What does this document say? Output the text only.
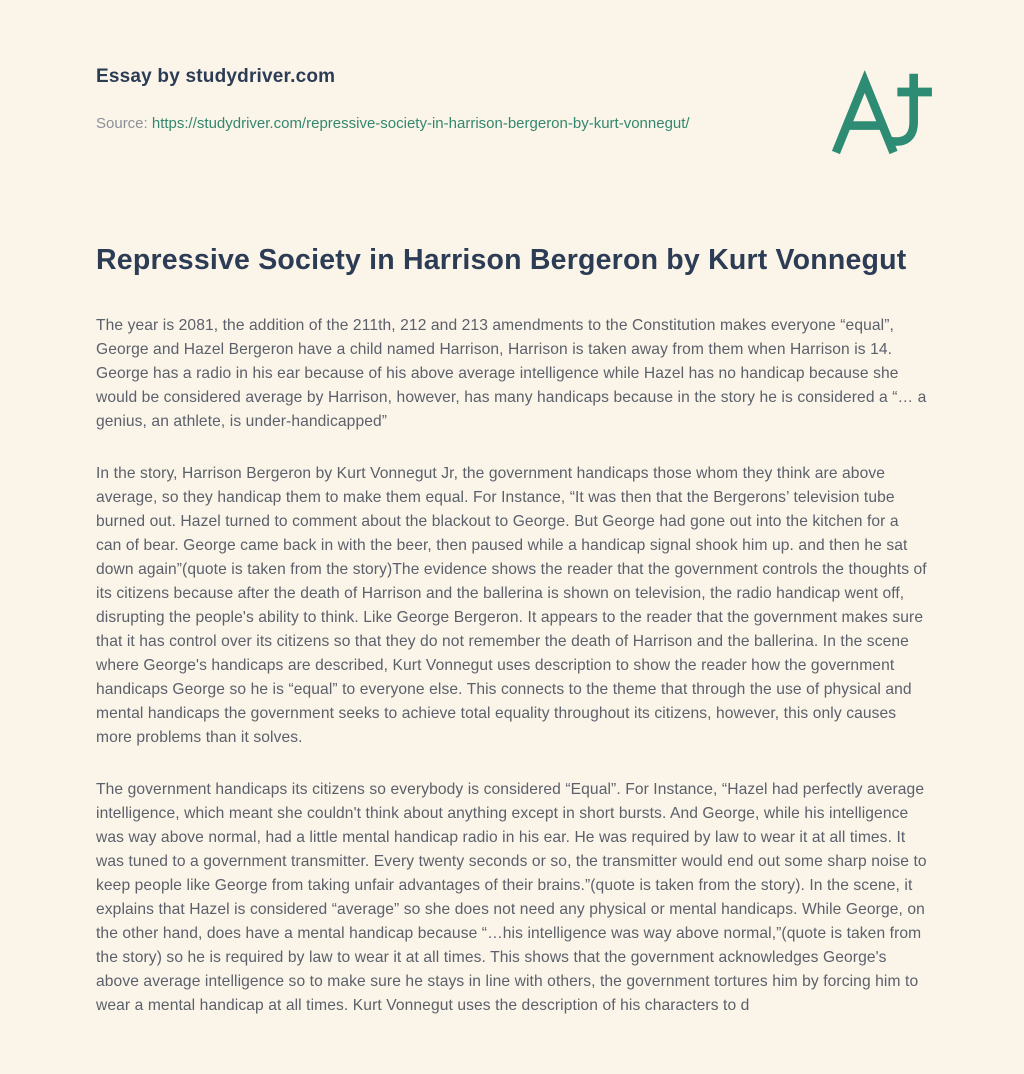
Essay by studydriver.com
Source: https://studydriver.com/repressive-society-in-harrison-bergeron-by-kurt-vonnegut/
Repressive Society in Harrison Bergeron by Kurt Vonnegut

The year is 2081, the addition of the 211th, 212 and 213 amendments to the Constitution makes everyone “equal”, George and Hazel Bergeron have a child named Harrison, Harrison is taken away from them when Harrison is 14. George has a radio in his ear because of his above average intelligence while Hazel has no handicap because she would be considered average by Harrison, however, has many handicaps because in the story he is considered a “… a genius, an athlete, is under-handicapped”

In the story, Harrison Bergeron by Kurt Vonnegut Jr, the government handicaps those whom they think are above average, so they handicap them to make them equal. For Instance, “It was then that the Bergerons’ television tube burned out. Hazel turned to comment about the blackout to George. But George had gone out into the kitchen for a can of bear. George came back in with the beer, then paused while a handicap signal shook him up. and then he sat down again”(quote is taken from the story)The evidence shows the reader that the government controls the thoughts of its citizens because after the death of Harrison and the ballerina is shown on television, the radio handicap went off, disrupting the people's ability to think. Like George Bergeron. It appears to the reader that the government makes sure that it has control over its citizens so that they do not remember the death of Harrison and the ballerina. In the scene where George's handicaps are described, Kurt Vonnegut uses description to show the reader how the government handicaps George so he is “equal” to everyone else. This connects to the theme that through the use of physical and mental handicaps the government seeks to achieve total equality throughout its citizens, however, this only causes more problems than it solves.

The government handicaps its citizens so everybody is considered “Equal”. For Instance, “Hazel had perfectly average intelligence, which meant she couldn't think about anything except in short bursts. And George, while his intelligence was way above normal, had a little mental handicap radio in his ear. He was required by law to wear it at all times. It was tuned to a government transmitter. Every twenty seconds or so, the transmitter would end out some sharp noise to keep people like George from taking unfair advantages of their brains.”(quote is taken from the story). In the scene, it explains that Hazel is considered “average” so she does not need any physical or mental handicaps. While George, on the other hand, does have a mental handicap because “…his intelligence was way above normal,”(quote is taken from the story) so he is required by law to wear it at all times. This shows that the government acknowledges George's above average intelligence so to make sure he stays in line with others, the government tortures him by forcing him to wear a mental handicap at all times. Kurt Vonnegut uses the description of his characters to d
